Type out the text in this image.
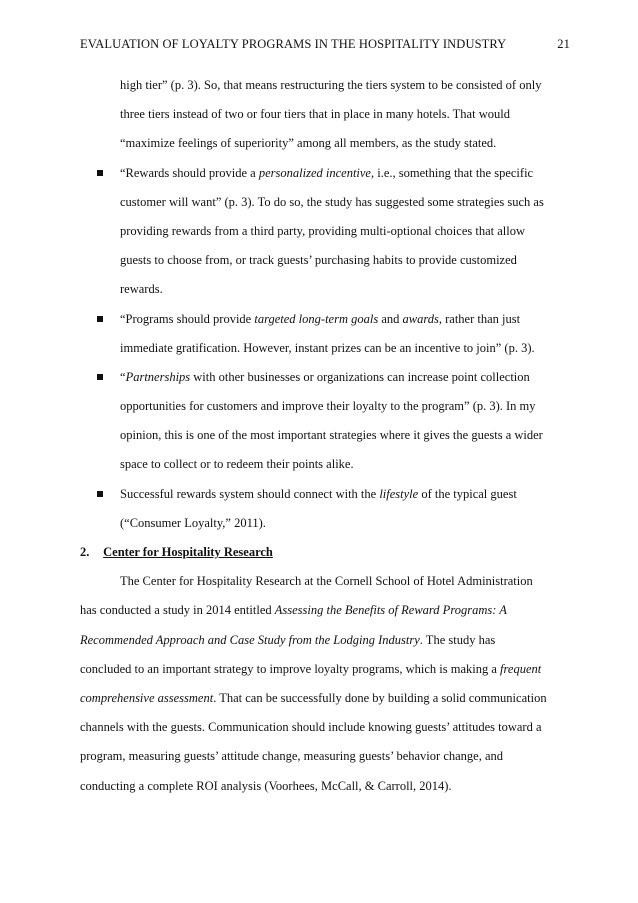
EVALUATION OF LOYALTY PROGRAMS IN THE HOSPITALITY INDUSTRY	21
high tier” (p. 3). So, that means restructuring the tiers system to be consisted of only
three tiers instead of two or four tiers that in place in many hotels. That would
“maximize feelings of superiority” among all members, as the study stated.
“Rewards should provide a personalized incentive, i.e., something that the specific
customer will want” (p. 3). To do so, the study has suggested some strategies such as
providing rewards from a third party, providing multi-optional choices that allow
guests to choose from, or track guests’ purchasing habits to provide customized
rewards.
“Programs should provide targeted long-term goals and awards, rather than just
immediate gratification. However, instant prizes can be an incentive to join” (p. 3).
“Partnerships with other businesses or organizations can increase point collection
opportunities for customers and improve their loyalty to the program” (p. 3). In my
opinion, this is one of the most important strategies where it gives the guests a wider
space to collect or to redeem their points alike.
Successful rewards system should connect with the lifestyle of the typical guest
(“Consumer Loyalty,” 2011).
2. Center for Hospitality Research
The Center for Hospitality Research at the Cornell School of Hotel Administration
has conducted a study in 2014 entitled Assessing the Benefits of Reward Programs: A
Recommended Approach and Case Study from the Lodging Industry. The study has
concluded to an important strategy to improve loyalty programs, which is making a frequent
comprehensive assessment. That can be successfully done by building a solid communication
channels with the guests. Communication should include knowing guests’ attitudes toward a
program, measuring guests’ attitude change, measuring guests’ behavior change, and
conducting a complete ROI analysis (Voorhees, McCall, & Carroll, 2014).
